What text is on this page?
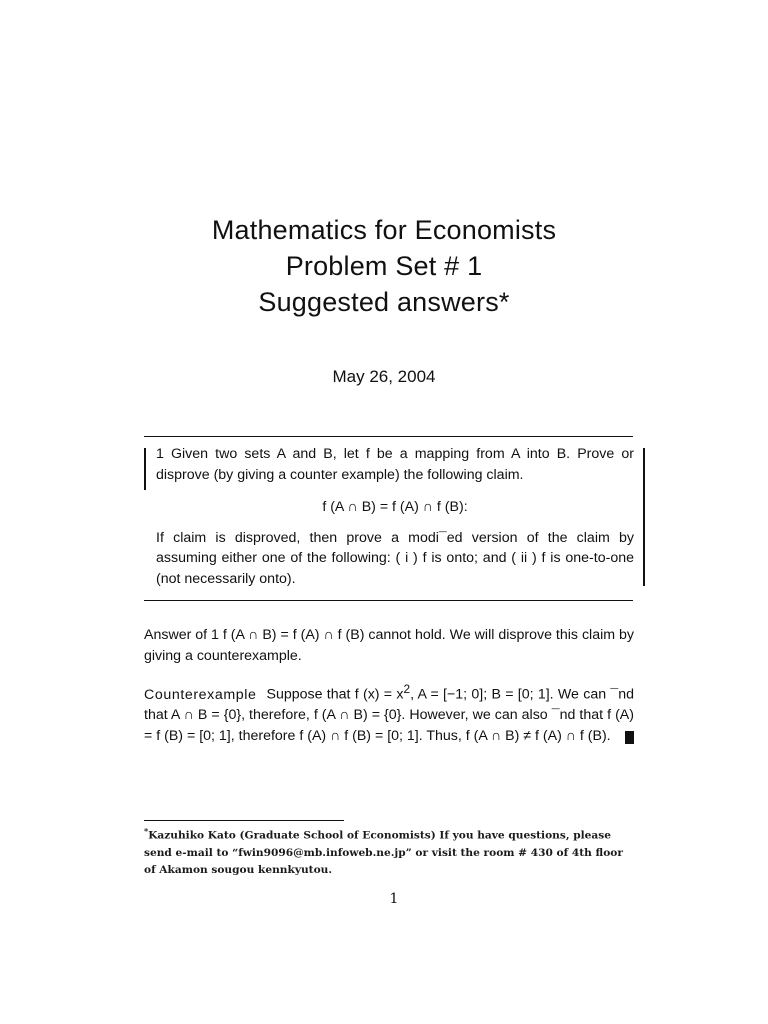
Mathematics for Economists
Problem Set # 1
Suggested answers*
May 26, 2004

1 Given two sets A and B, let f be a mapping from A into B. Prove or disprove (by giving a counter example) the following claim.

f (A ∩ B) = f (A) ∩ f (B):

If claim is disproved, then prove a modi¯ed version of the claim by assuming either one of the following: ( i ) f is onto; and ( ii ) f is one-to-one (not necessarily onto).

Answer of 1 f (A ∩ B) = f (A) ∩ f (B) cannot hold. We will disprove this claim by giving a counterexample.

Counterexample Suppose that f $(x) = x^2$, A = [−1; 0]; B = [0; 1]. We can ¯nd that A ∩ B = {0}, therefore, f (A ∩ B) = {0}. However, we can also ¯nd that f (A) = f (B) = [0; 1], therefore f (A) ∩ f (B) = [0; 1]. Thus, f (A ∩ B) ≠ f (A) ∩ f (B).

*Kazuhiko Kato (Graduate School of Economists) If you have questions, please send e-mail to “fwin9096@mb.infoweb.ne.jp” or visit the room # 430 of 4th floor of Akamon sougou kennkyutou.
1
